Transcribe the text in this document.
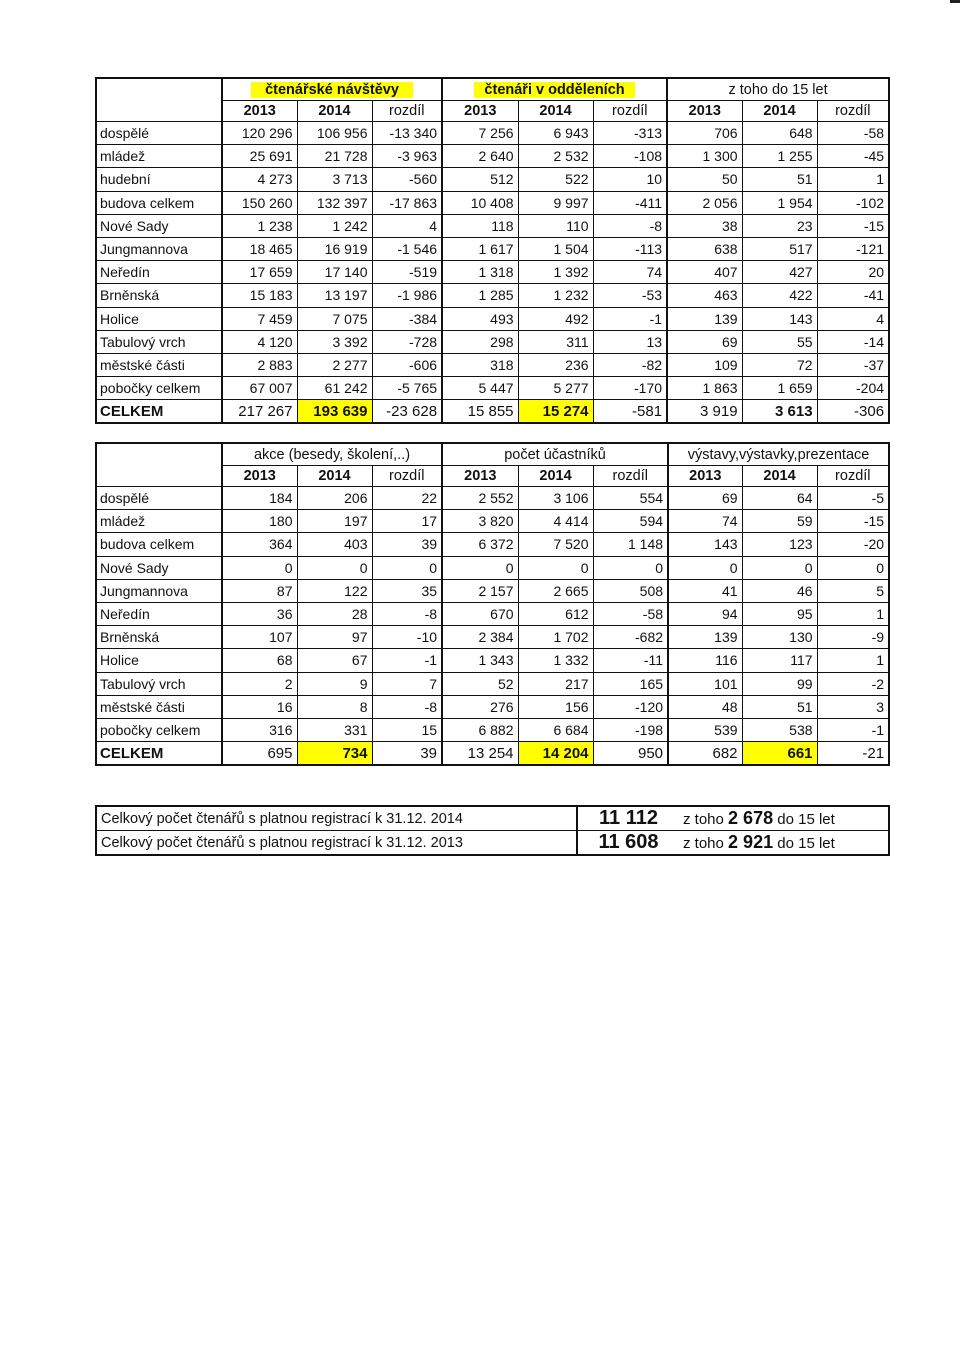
	čtenářské návštěvy			čtenáři v odděleních			z toho do 15 let		
	2013	2014	rozdíl	2013	2014	rozdíl	2013	2014	rozdíl
dospělé	120 296	106 956	-13 340	7 256	6 943	-313	706	648	-58
mládež	25 691	21 728	-3 963	2 640	2 532	-108	1 300	1 255	-45
hudební	4 273	3 713	-560	512	522	10	50	51	1
budova celkem	150 260	132 397	-17 863	10 408	9 997	-411	2 056	1 954	-102
Nové Sady	1 238	1 242	4	118	110	-8	38	23	-15
Jungmannova	18 465	16 919	-1 546	1 617	1 504	-113	638	517	-121
Neředín	17 659	17 140	-519	1 318	1 392	74	407	427	20
Brněnská	15 183	13 197	-1 986	1 285	1 232	-53	463	422	-41
Holice	7 459	7 075	-384	493	492	-1	139	143	4
Tabulový vrch	4 120	3 392	-728	298	311	13	69	55	-14
městské části	2 883	2 277	-606	318	236	-82	109	72	-37
pobočky celkem	67 007	61 242	-5 765	5 447	5 277	-170	1 863	1 659	-204
CELKEM	217 267	193 639	-23 628	15 855	15 274	-581	3 919	3 613	-306
	akce (besedy, školení,..)			počet účastníků			výstavy,výstavky,prezentace		
	2013	2014	rozdíl	2013	2014	rozdíl	2013	2014	rozdíl
dospělé	184	206	22	2 552	3 106	554	69	64	-5
mládež	180	197	17	3 820	4 414	594	74	59	-15
budova celkem	364	403	39	6 372	7 520	1 148	143	123	-20
Nové Sady	0	0	0	0	0	0	0	0	0
Jungmannova	87	122	35	2 157	2 665	508	41	46	5
Neředín	36	28	-8	670	612	-58	94	95	1
Brněnská	107	97	-10	2 384	1 702	-682	139	130	-9
Holice	68	67	-1	1 343	1 332	-11	116	117	1
Tabulový vrch	2	9	7	52	217	165	101	99	-2
městské části	16	8	-8	276	156	-120	48	51	3
pobočky celkem	316	331	15	6 882	6 684	-198	539	538	-1
CELKEM	695	734	39	13 254	14 204	950	682	661	-21
Celkový počet čtenářů s platnou registrací k 31.12. 2014	11 112	z toho 2 678 do 15 let
Celkový počet čtenářů s platnou registrací k 31.12. 2013	11 608	z toho 2 921 do 15 let
